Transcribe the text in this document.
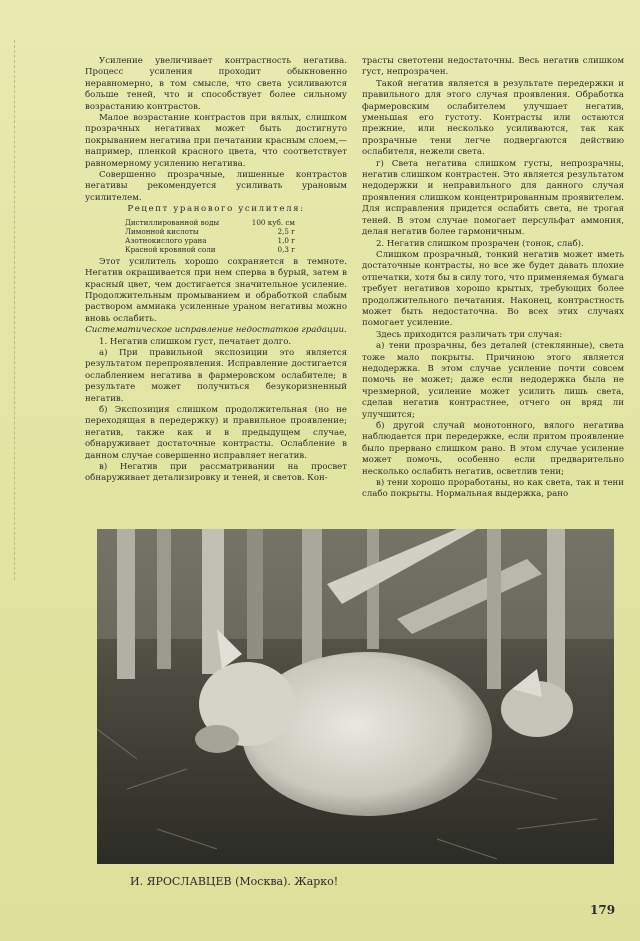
Усиление увеличивает контрастность негатива. Процесс усиления проходит обыкновенно неравномерно, в том смысле, что света усиливаются больше теней, что и способствует более сильному возрастанию контрастов.

Малое возрастание контрастов при вялых, слишком прозрачных негативах может быть достигнуто покрыванием негатива при печатании красным слоем,— например, пленкой красного цвета, что соответствует равномерному усилению негатива.

Совершенно прозрачные, лишенные контрастов негативы рекомендуется усиливать урановым усилителем.

Рецепт уранового усилителя:

Дистиллированной воды	100 куб. см
Лимонной кислоты	2,5 г
Азотнокислого урана	1,0 г
Красной кровяной соли	0,3 г

Этот усилитель хорошо сохраняется в темноте. Негатив окрашивается при нем сперва в бурый, затем в красный цвет, чем достигается значительное усиление. Продолжительным промыванием и обработкой слабым раствором аммиака усиленные ураном негативы можно вновь ослабить.

Систематическое исправление недостатков градации.

1. Негатив слишком густ, печатает долго.

а) При правильной экспозиции это является результатом перепроявления. Исправление достигается ослаблением негатива в фармеровском ослабителе; в результате может получиться безукоризненный негатив.

б) Экспозиция слишком продолжительная (но не переходящая в передержку) и правильное проявление; негатив, также как и в предыдущем случае, обнаруживает достаточные контрасты. Ослабление в данном случае совершенно исправляет негатив.

в) Негатив при рассматривании на просвет обнаруживает детализировку и теней, и светов. Кон-

трасты светотени недостаточны. Весь негатив слишком густ, непрозрачен.

Такой негатив является в результате передержки и правильного для этого случая проявления. Обработка фармеровским ослабителем улучшает негатив, уменьшая его густоту. Контрасты или остаются прежние, или несколько усиливаются, так как прозрачные тени легче подвергаются действию ослабителя, нежели света.

г) Света негатива слишком густы, непрозрачны, негатив слишком контрастен. Это является результатом недодержки и неправильного для данного случая проявления слишком концентрированным проявителем. Для исправления придется ослабить света, не трогая теней. В этом случае помогает персульфат аммония, делая негатив более гармоничным.

2. Негатив слишком прозрачен (тонок, слаб).

Слишком прозрачный, тонкий негатив может иметь достаточные контрасты, но все же будет давать плохие отпечатки, хотя бы в силу того, что применяемая бумага требует негативов хорошо крытых, требующих более продолжительного печатания. Наконец, контрастность может быть недостаточна. Во всех этих случаях помогает усиление.

Здесь приходится различать три случая:

а) тени прозрачны, без деталей (стеклянные), света тоже мало покрыты. Причиною этого является недодержка. В этом случае усиление почти совсем помочь не может; даже если недодержка была не чрезмерной, усиление может усилить лишь света, сделав негатив контрастнее, отчего он вряд ли улучшится;

б) другой случай монотонного, вялого негатива наблюдается при передержке, если притом проявление было прервано слишком рано. В этом случае усиление может помочь, особенно если предварительно несколько ослабить негатив, осветлив тени;

в) тени хорошо проработаны, но как света, так и тени слабо покрыты. Нормальная выдержка, рано

И. ЯРОСЛАВЦЕВ (Москва). Жарко!
179
